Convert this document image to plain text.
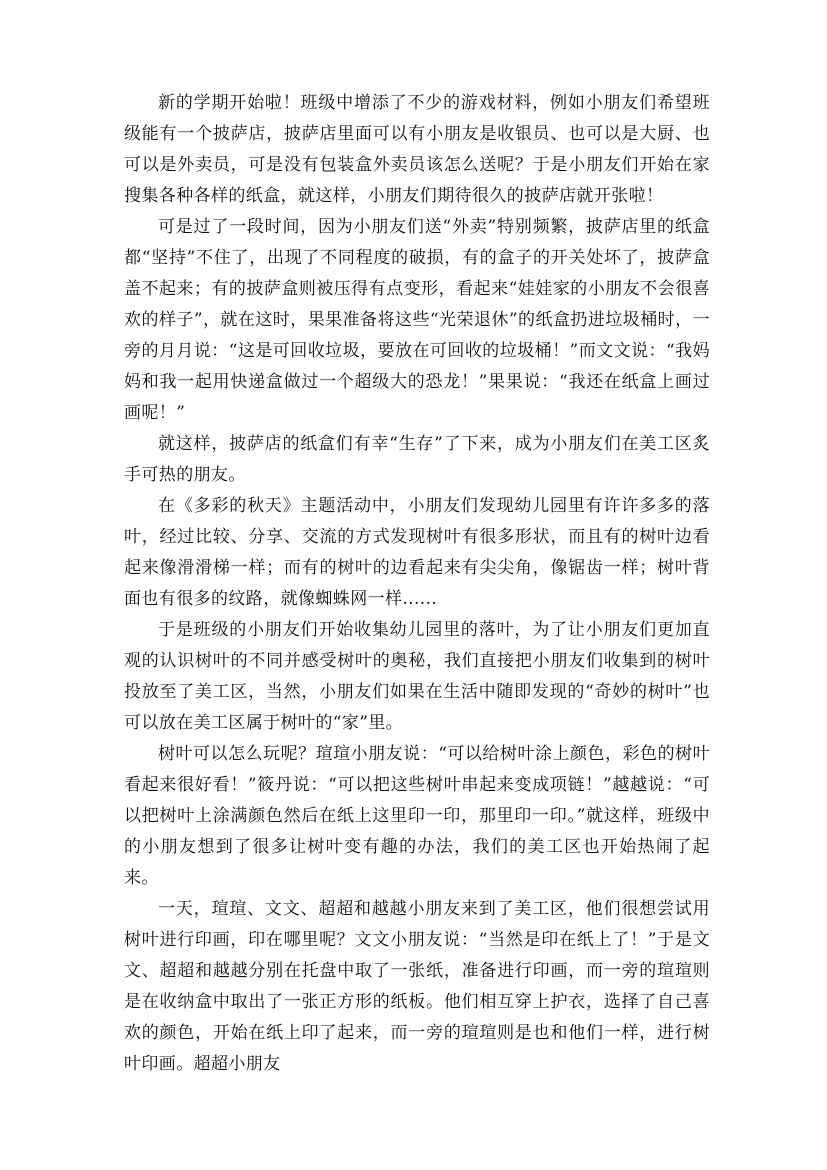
新的学期开始啦！班级中增添了不少的游戏材料，例如小朋友们希望班级能有一个披萨店，披萨店里面可以有小朋友是收银员、也可以是大厨、也可以是外卖员，可是没有包装盒外卖员该怎么送呢？于是小朋友们开始在家搜集各种各样的纸盒，就这样，小朋友们期待很久的披萨店就开张啦！

可是过了一段时间，因为小朋友们送“外卖”特别频繁，披萨店里的纸盒都“坚持”不住了，出现了不同程度的破损，有的盒子的开关处坏了，披萨盒盖不起来；有的披萨盒则被压得有点变形，看起来“娃娃家的小朋友不会很喜欢的样子”，就在这时，果果准备将这些“光荣退休”的纸盒扔进垃圾桶时，一旁的月月说：“这是可回收垃圾，要放在可回收的垃圾桶！”而文文说：“我妈妈和我一起用快递盒做过一个超级大的恐龙！”果果说：“我还在纸盒上画过画呢！”

就这样，披萨店的纸盒们有幸“生存”了下来，成为小朋友们在美工区炙手可热的朋友。

在《多彩的秋天》主题活动中，小朋友们发现幼儿园里有许许多多的落叶，经过比较、分享、交流的方式发现树叶有很多形状，而且有的树叶边看起来像滑滑梯一样；而有的树叶的边看起来有尖尖角，像锯齿一样；树叶背面也有很多的纹路，就像蜘蛛网一样......

于是班级的小朋友们开始收集幼儿园里的落叶，为了让小朋友们更加直观的认识树叶的不同并感受树叶的奥秘，我们直接把小朋友们收集到的树叶投放至了美工区，当然，小朋友们如果在生活中随即发现的“奇妙的树叶”也可以放在美工区属于树叶的“家”里。

树叶可以怎么玩呢？瑄瑄小朋友说：“可以给树叶涂上颜色，彩色的树叶看起来很好看！”筱丹说：“可以把这些树叶串起来变成项链！”越越说：“可以把树叶上涂满颜色然后在纸上这里印一印，那里印一印。”就这样，班级中的小朋友想到了很多让树叶变有趣的办法，我们的美工区也开始热闹了起来。

一天，瑄瑄、文文、超超和越越小朋友来到了美工区，他们很想尝试用树叶进行印画，印在哪里呢？文文小朋友说：“当然是印在纸上了！”于是文文、超超和越越分别在托盘中取了一张纸，准备进行印画，而一旁的瑄瑄则是在收纳盒中取出了一张正方形的纸板。他们相互穿上护衣，选择了自己喜欢的颜色，开始在纸上印了起来，而一旁的瑄瑄则是也和他们一样，进行树叶印画。超超小朋友
